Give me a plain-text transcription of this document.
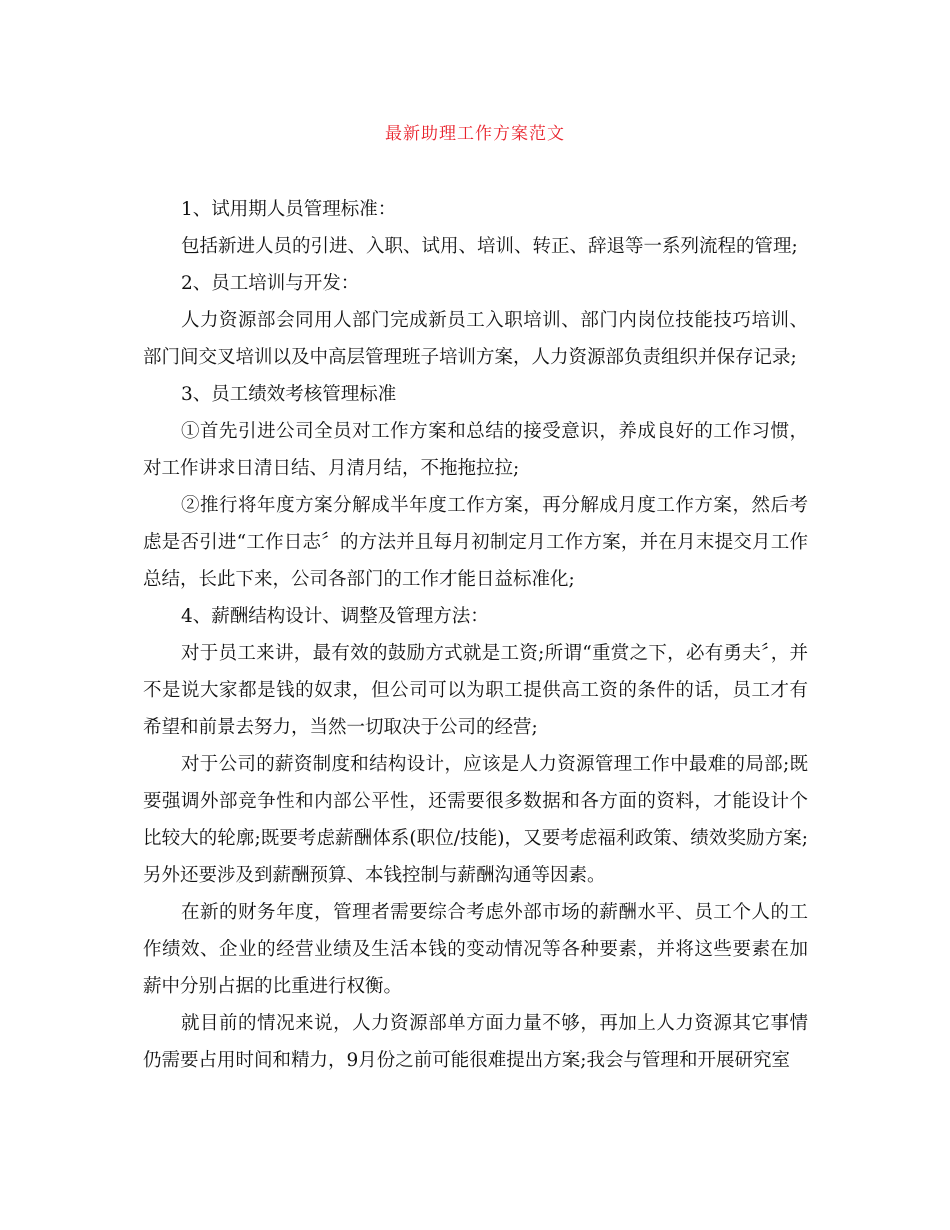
最新助理工作方案范文

1、试用期人员管理标准：

包括新进人员的引进、入职、试用、培训、转正、辞退等一系列流程的管理;

2、员工培训与开发：

人力资源部会同用人部门完成新员工入职培训、部门内岗位技能技巧培训、部门间交叉培训以及中高层管理班子培训方案，人力资源部负责组织并保存记录;

3、员工绩效考核管理标准

①首先引进公司全员对工作方案和总结的接受意识，养成良好的工作习惯，对工作讲求日清日结、月清月结，不拖拖拉拉;

②推行将年度方案分解成半年度工作方案，再分解成月度工作方案，然后考虑是否引进“工作日志〞的方法并且每月初制定月工作方案，并在月末提交月工作总结，长此下来，公司各部门的工作才能日益标准化;

4、薪酬结构设计、调整及管理方法：

对于员工来讲，最有效的鼓励方式就是工资;所谓“重赏之下，必有勇夫〞，并不是说大家都是钱的奴隶，但公司可以为职工提供高工资的条件的话，员工才有希望和前景去努力，当然一切取决于公司的经营;

对于公司的薪资制度和结构设计，应该是人力资源管理工作中最难的局部;既要强调外部竞争性和内部公平性，还需要很多数据和各方面的资料，才能设计个比较大的轮廓;既要考虑薪酬体系(职位/技能)，又要考虑福利政策、绩效奖励方案;另外还要涉及到薪酬预算、本钱控制与薪酬沟通等因素。

在新的财务年度，管理者需要综合考虑外部市场的薪酬水平、员工个人的工作绩效、企业的经营业绩及生活本钱的变动情况等各种要素，并将这些要素在加薪中分别占据的比重进行权衡。

就目前的情况来说，人力资源部单方面力量不够，再加上人力资源其它事情仍需要占用时间和精力，9月份之前可能很难提出方案;我会与管理和开展研究室
